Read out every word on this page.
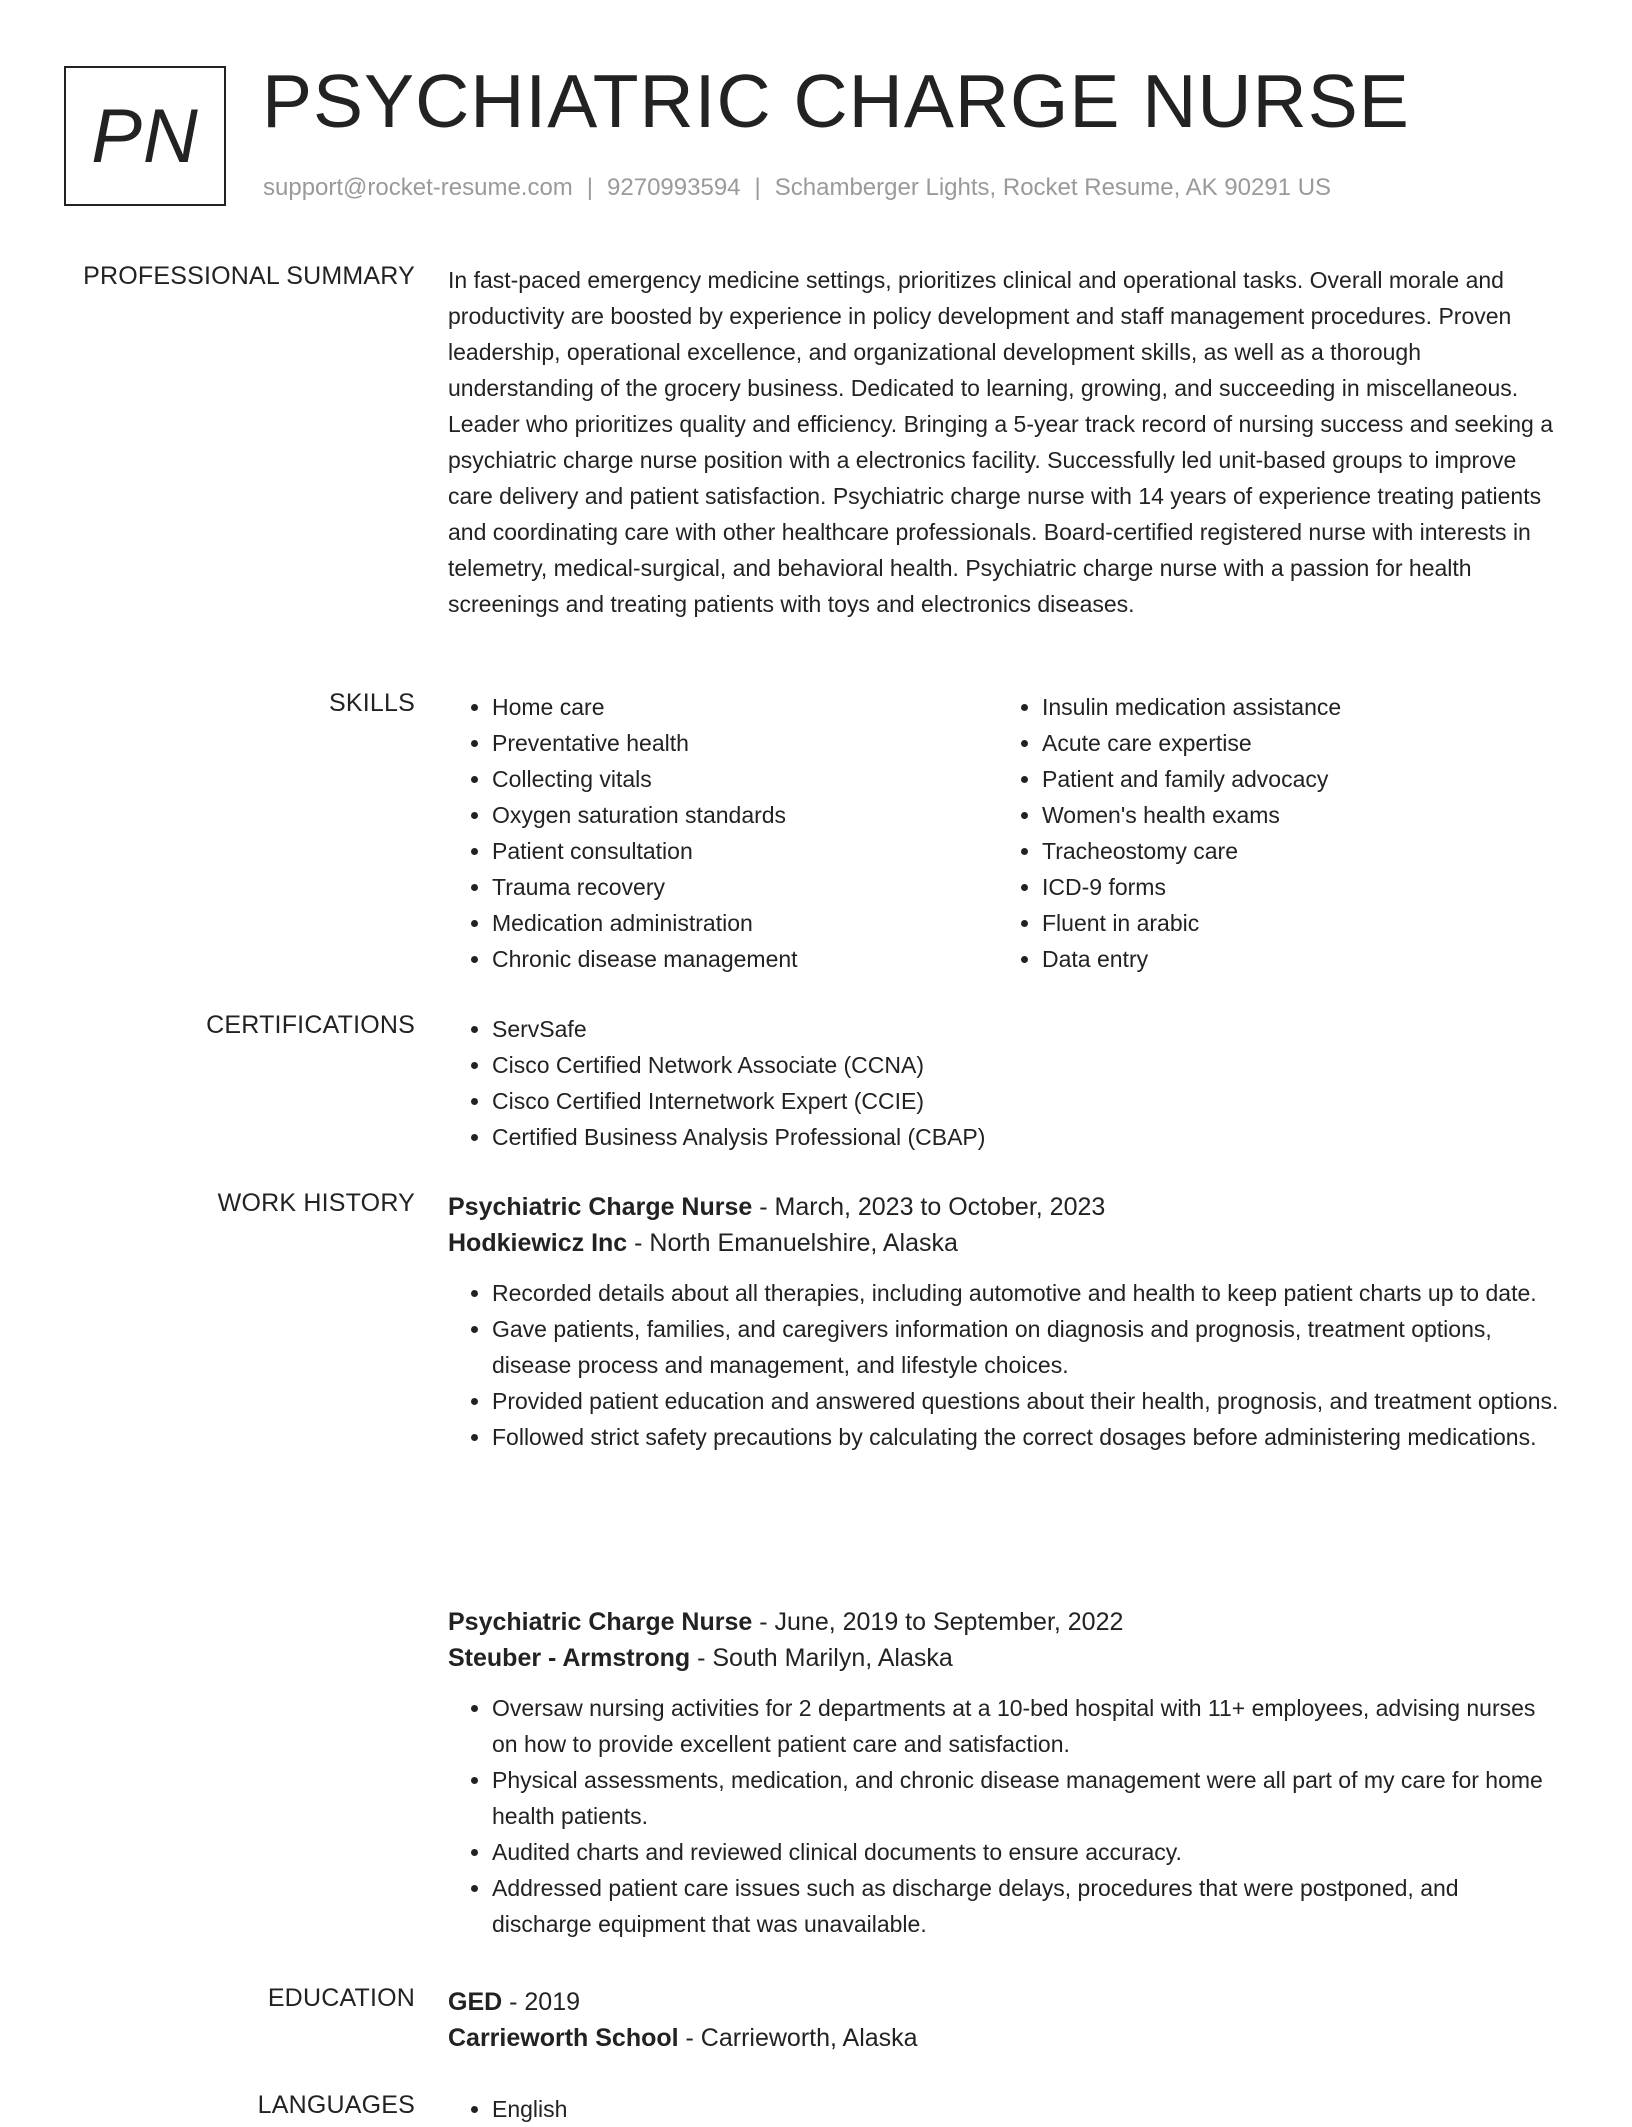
PN PSYCHIATRIC CHARGE NURSE
support@rocket-resume.com | 9270993594 | Schamberger Lights, Rocket Resume, AK 90291 US
PROFESSIONAL SUMMARY In fast-paced emergency medicine settings, prioritizes clinical and operational tasks. Overall morale and productivity are boosted by experience in policy development and staff management procedures. Proven leadership, operational excellence, and organizational development skills, as well as a thorough understanding of the grocery business. Dedicated to learning, growing, and succeeding in miscellaneous. Leader who prioritizes quality and efficiency. Bringing a 5-year track record of nursing success and seeking a psychiatric charge nurse position with a electronics facility. Successfully led unit-based groups to improve care delivery and patient satisfaction. Psychiatric charge nurse with 14 years of experience treating patients and coordinating care with other healthcare professionals. Board-certified registered nurse with interests in telemetry, medical-surgical, and behavioral health. Psychiatric charge nurse with a passion for health screenings and treating patients with toys and electronics diseases.

SKILLS	• Home care
• Preventative health
• Collecting vitals
• Oxygen saturation standards
• Patient consultation
• Trauma recovery
• Medication administration
• Chronic disease management
• Insulin medication assistance
• Acute care expertise
• Patient and family advocacy
• Women's health exams
• Tracheostomy care
• ICD-9 forms
• Fluent in arabic
• Data entry
CERTIFICATIONS	• ServSafe
• Cisco Certified Network Associate (CCNA)
• Cisco Certified Internetwork Expert (CCIE)
• Certified Business Analysis Professional (CBAP)
WORK HISTORY Psychiatric Charge Nurse - March, 2023 to October, 2023
Hodkiewicz Inc - North Emanuelshire, Alaska
• Recorded details about all therapies, including automotive and health to keep patient charts up to date.
• Gave patients, families, and caregivers information on diagnosis and prognosis, treatment options, disease process and management, and lifestyle choices.
• Provided patient education and answered questions about their health, prognosis, and treatment options.
• Followed strict safety precautions by calculating the correct dosages before administering medications.
Psychiatric Charge Nurse - June, 2019 to September, 2022
Steuber - Armstrong - South Marilyn, Alaska
• Oversaw nursing activities for 2 departments at a 10-bed hospital with 11+ employees, advising nurses on how to provide excellent patient care and satisfaction.
• Physical assessments, medication, and chronic disease management were all part of my care for home health patients.
• Audited charts and reviewed clinical documents to ensure accuracy.
• Addressed patient care issues such as discharge delays, procedures that were postponed, and discharge equipment that was unavailable.
EDUCATION GED - 2019
Carrieworth School - Carrieworth, Alaska
LANGUAGES	• English
